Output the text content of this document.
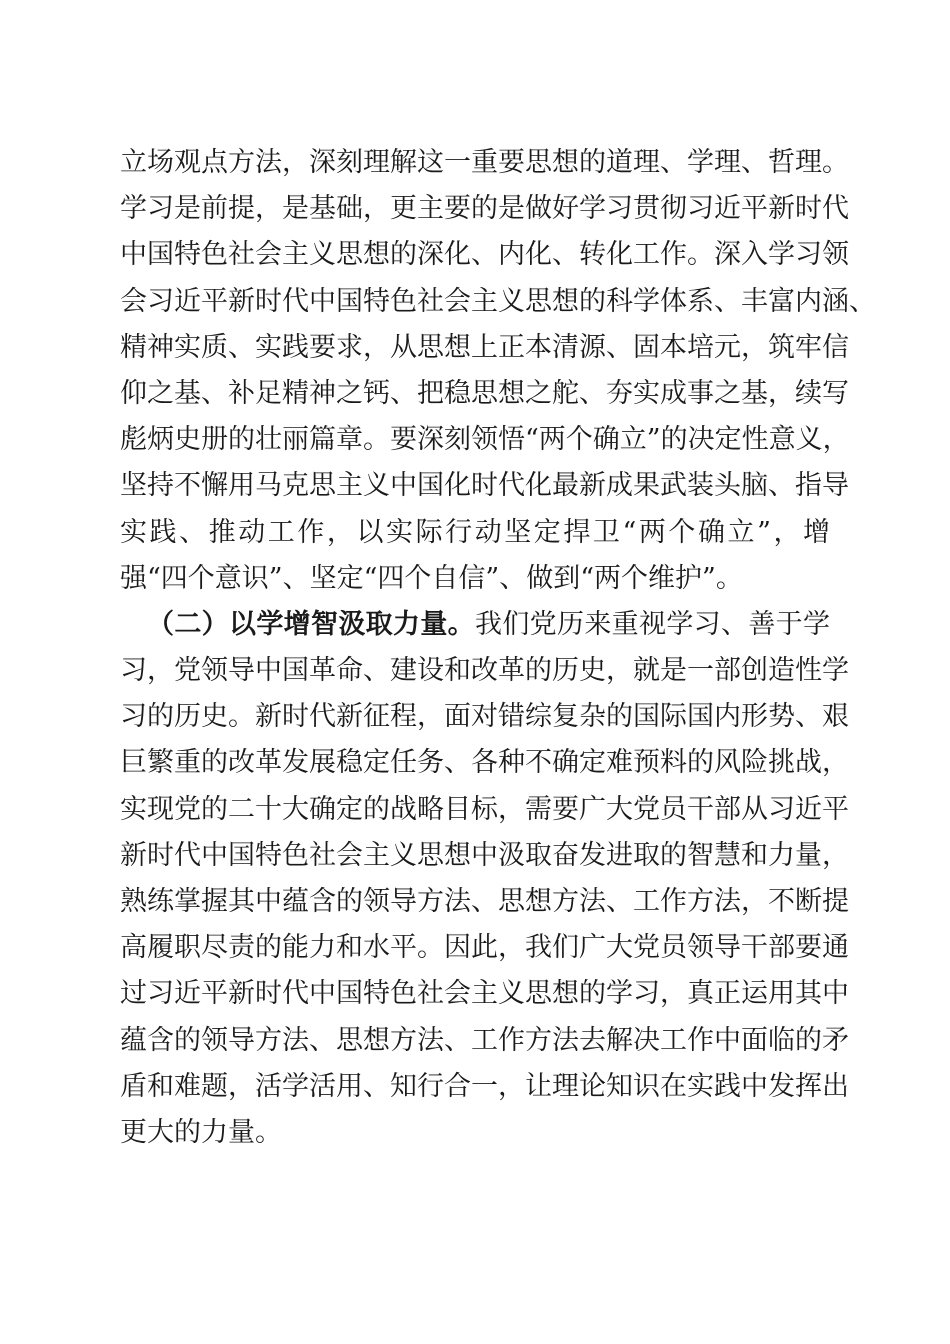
立场观点方法，深刻理解这一重要思想的道理、学理、哲理。
学习是前提，是基础，更主要的是做好学习贯彻习近平新时代
中国特色社会主义思想的深化、内化、转化工作。深入学习领
会习近平新时代中国特色社会主义思想的科学体系、丰富内涵、
精神实质、实践要求，从思想上正本清源、固本培元，筑牢信
仰之基、补足精神之钙、把稳思想之舵、夯实成事之基，续写
彪炳史册的壮丽篇章。要深刻领悟“两个确立”的决定性意义，
坚持不懈用马克思主义中国化时代化最新成果武装头脑、指导
实践、推动工作，以实际行动坚定捍卫“两个确立”，增
强“四个意识”、坚定“四个自信”、做到“两个维护”。
（二）以学增智汲取力量。我们党历来重视学习、善于学
习，党领导中国革命、建设和改革的历史，就是一部创造性学
习的历史。新时代新征程，面对错综复杂的国际国内形势、艰
巨繁重的改革发展稳定任务、各种不确定难预料的风险挑战，
实现党的二十大确定的战略目标，需要广大党员干部从习近平
新时代中国特色社会主义思想中汲取奋发进取的智慧和力量，
熟练掌握其中蕴含的领导方法、思想方法、工作方法，不断提
高履职尽责的能力和水平。因此，我们广大党员领导干部要通
过习近平新时代中国特色社会主义思想的学习，真正运用其中
蕴含的领导方法、思想方法、工作方法去解决工作中面临的矛
盾和难题，活学活用、知行合一，让理论知识在实践中发挥出
更大的力量。
